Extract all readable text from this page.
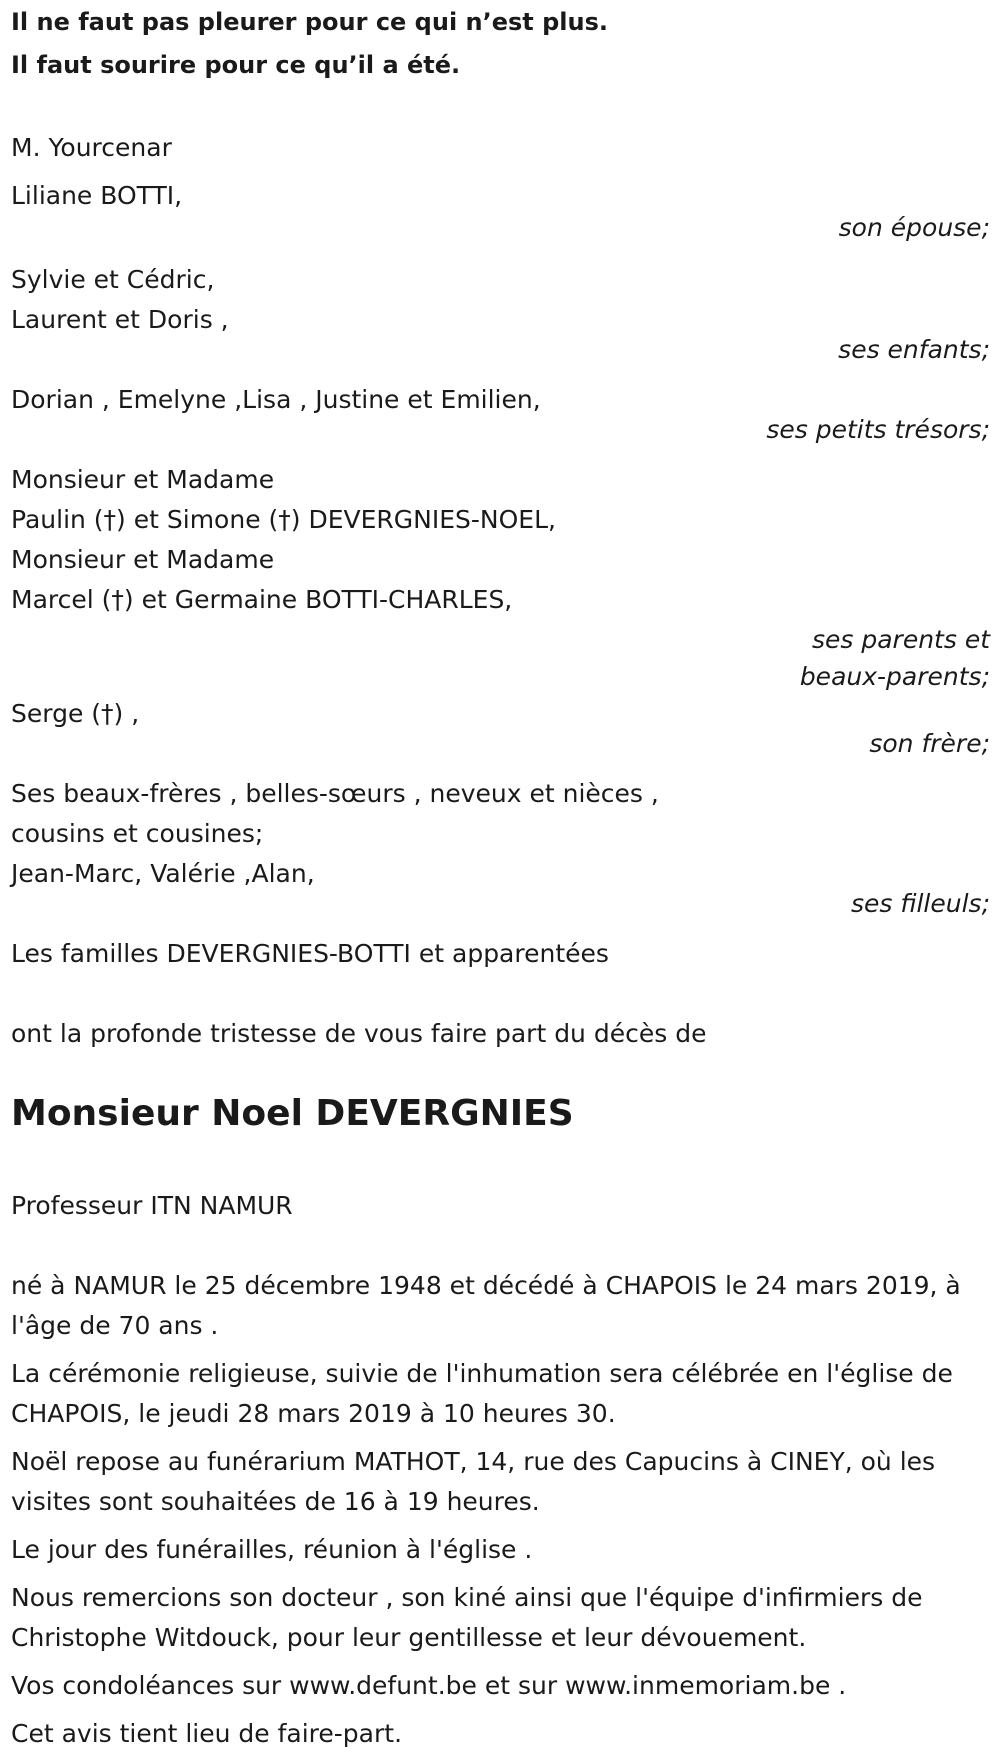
Il ne faut pas pleurer pour ce qui n’est plus.
Il faut sourire pour ce qu’il a été.
M. Yourcenar
Liliane BOTTI,
son épouse;
Sylvie et Cédric,
Laurent et Doris ,
ses enfants;
Dorian , Emelyne ,Lisa , Justine et Emilien,
ses petits trésors;
Monsieur et Madame
Paulin (†) et Simone (†) DEVERGNIES-NOEL,
Monsieur et Madame
Marcel (†) et Germaine BOTTI-CHARLES,
ses parents et
beaux-parents;
Serge (†) ,
son frère;
Ses beaux-frères , belles-sœurs , neveux et nièces ,
cousins et cousines;
Jean-Marc, Valérie ,Alan,
ses filleuls;
Les familles DEVERGNIES-BOTTI et apparentées
ont la profonde tristesse de vous faire part du décès de
Monsieur Noel DEVERGNIES
Professeur ITN NAMUR
né à NAMUR le 25 décembre 1948 et décédé à CHAPOIS le 24 mars 2019, à l'âge de 70 ans .
La cérémonie religieuse, suivie de l'inhumation sera célébrée en l'église de CHAPOIS, le jeudi 28 mars 2019 à 10 heures 30.
Noël repose au funérarium MATHOT, 14, rue des Capucins à CINEY, où les visites sont souhaitées de 16 à 19 heures.
Le jour des funérailles, réunion à l'église .
Nous remercions son docteur , son kiné ainsi que l'équipe d'infirmiers de Christophe Witdouck, pour leur gentillesse et leur dévouement.
Vos condoléances sur www.defunt.be et sur www.inmemoriam.be .
Cet avis tient lieu de faire-part.
